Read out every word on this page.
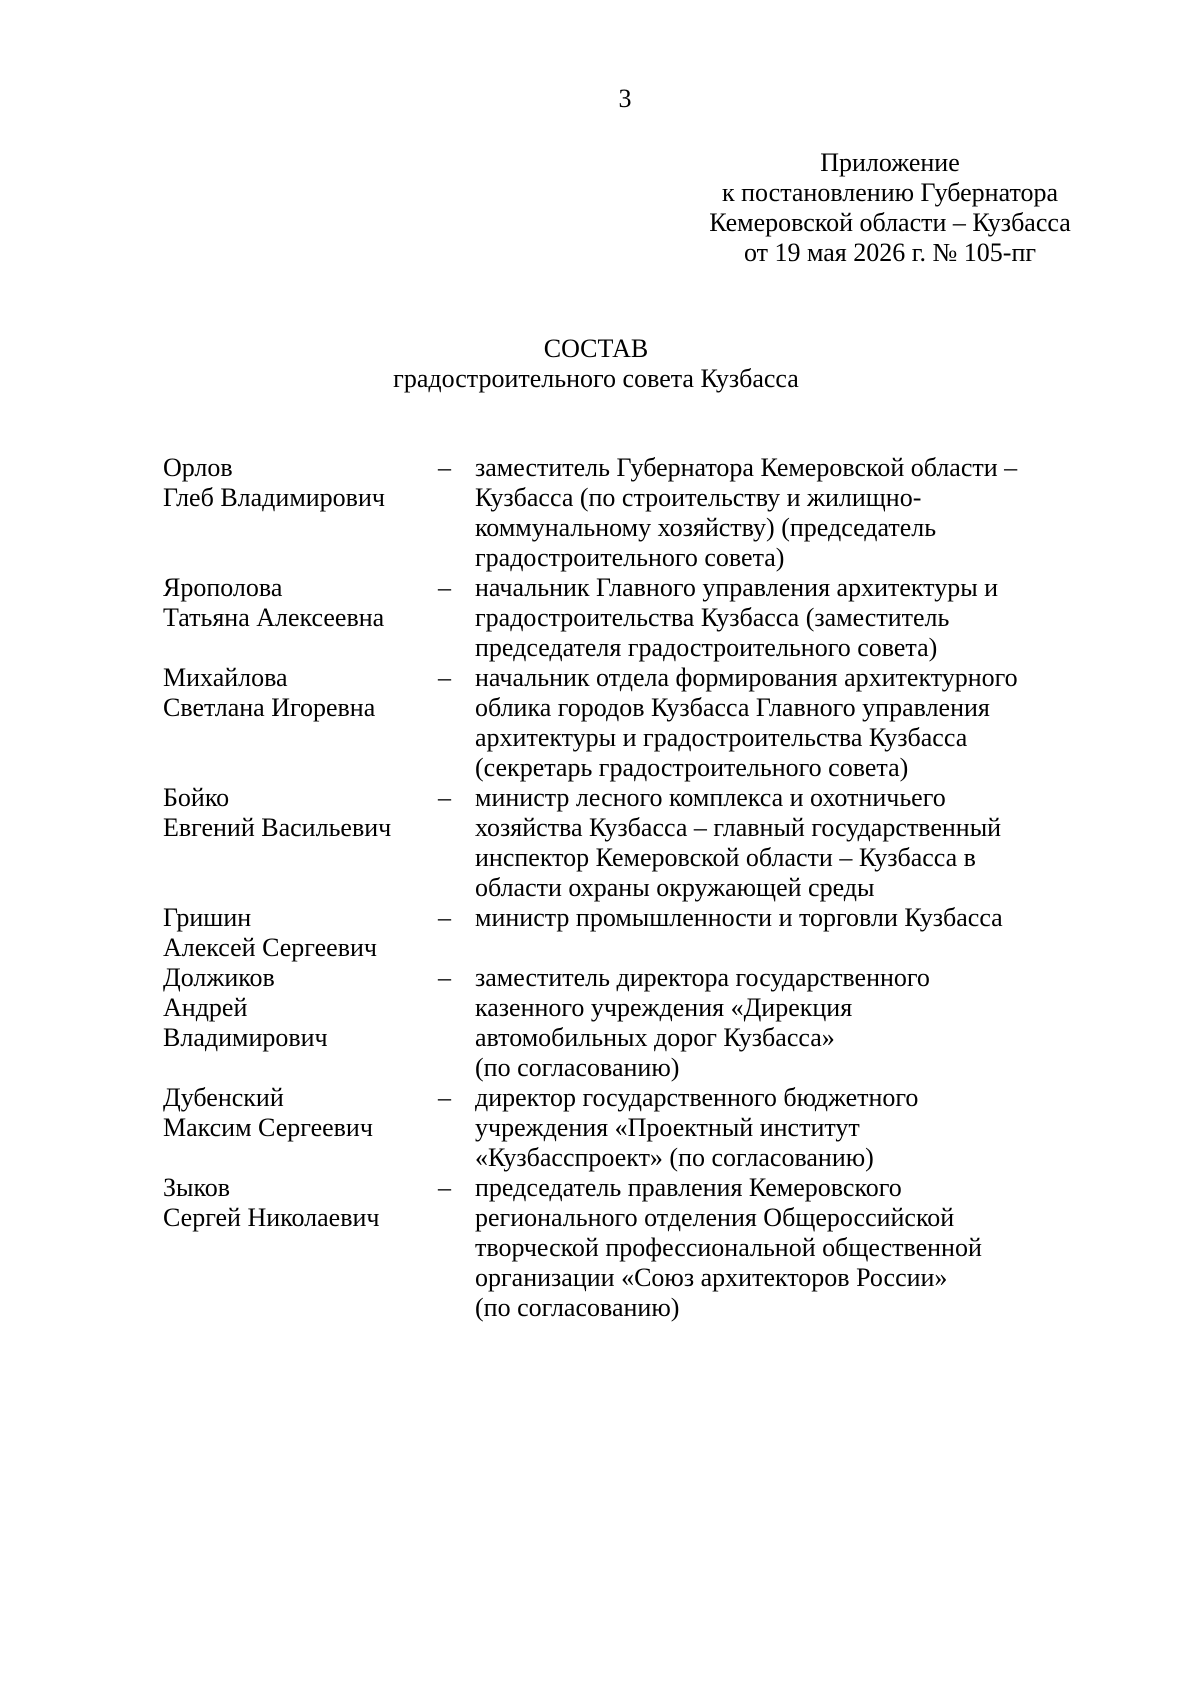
3
Приложение
к постановлению Губернатора
Кемеровской области – Кузбасса
от 19 мая 2026 г. № 105-пг
СОСТАВ
градостроительного совета Кузбасса
Орлов
Глеб Владимирович
– заместитель Губернатора Кемеровской области –
Кузбасса (по строительству и жилищно-
коммунальному хозяйству) (председатель
градостроительного совета)
Ярополова
Татьяна Алексеевна
– начальник Главного управления архитектуры и
градостроительства Кузбасса (заместитель
председателя градостроительного совета)
Михайлова
Светлана Игоревна
– начальник отдела формирования архитектурного
облика городов Кузбасса Главного управления
архитектуры и градостроительства Кузбасса
(секретарь градостроительного совета)
Бойко
Евгений Васильевич
– министр лесного комплекса и охотничьего
хозяйства Кузбасса – главный государственный
инспектор Кемеровской области – Кузбасса в
области охраны окружающей среды
Гришин
Алексей Сергеевич
– министр промышленности и торговли Кузбасса
Должиков
Андрей
Владимирович
– заместитель директора государственного
казенного учреждения «Дирекция
автомобильных дорог Кузбасса»
(по согласованию)
Дубенский
Максим Сергеевич
– директор государственного бюджетного
учреждения «Проектный институт
«Кузбасспроект» (по согласованию)
Зыков
Сергей Николаевич
– председатель правления Кемеровского
регионального отделения Общероссийской
творческой профессиональной общественной
организации «Союз архитекторов России»
(по согласованию)
